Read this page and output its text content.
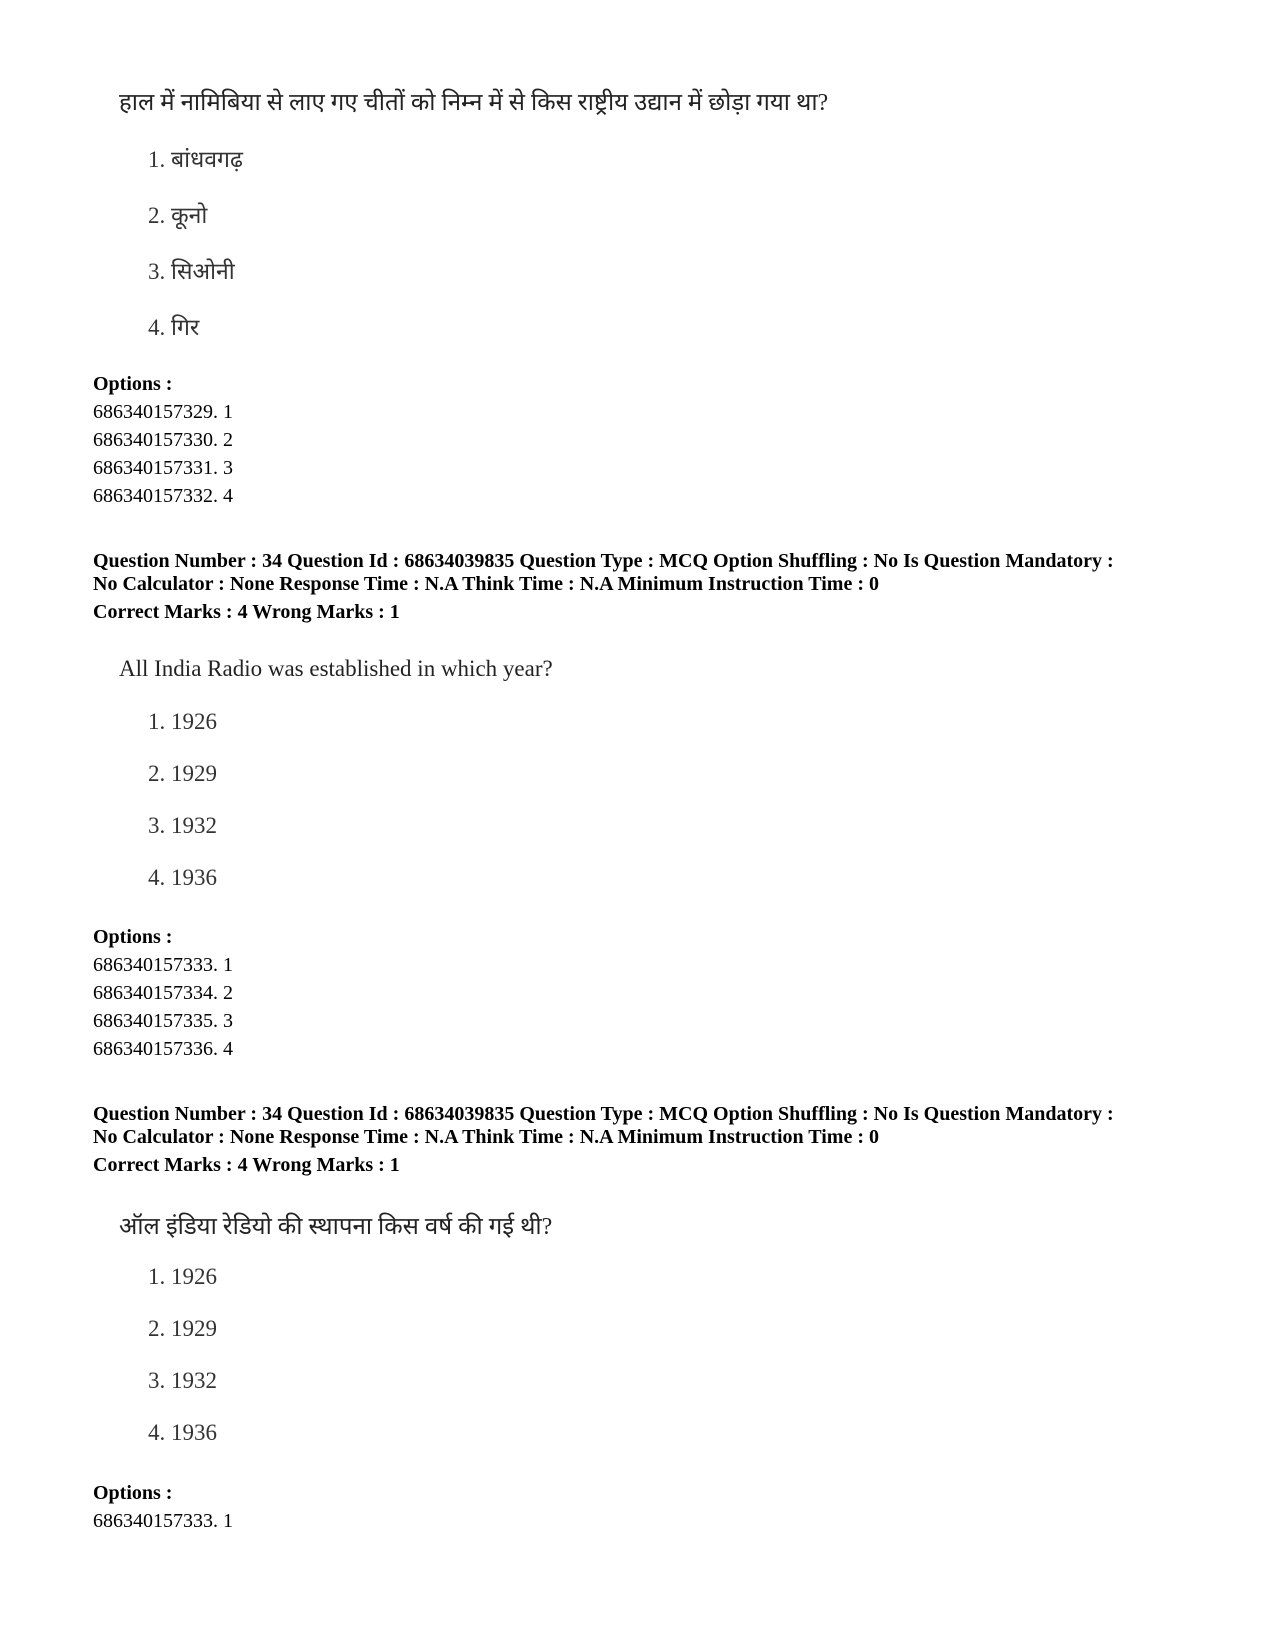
हाल में नामिबिया से लाए गए चीतों को निम्न में से किस राष्ट्रीय उद्यान में छोड़ा गया था?
1. बांधवगढ़
2. कूनो
3. सिओनी
4. गिर
Options :
686340157329. 1
686340157330. 2
686340157331. 3
686340157332. 4
Question Number : 34 Question Id : 68634039835 Question Type : MCQ Option Shuffling : No Is Question Mandatory :
No Calculator : None Response Time : N.A Think Time : N.A Minimum Instruction Time : 0
Correct Marks : 4 Wrong Marks : 1
All India Radio was established in which year?
1. 1926
2. 1929
3. 1932
4. 1936
Options :
686340157333. 1
686340157334. 2
686340157335. 3
686340157336. 4
Question Number : 34 Question Id : 68634039835 Question Type : MCQ Option Shuffling : No Is Question Mandatory :
No Calculator : None Response Time : N.A Think Time : N.A Minimum Instruction Time : 0
Correct Marks : 4 Wrong Marks : 1
ऑल इंडिया रेडियो की स्थापना किस वर्ष की गई थी?
1. 1926
2. 1929
3. 1932
4. 1936
Options :
686340157333. 1
